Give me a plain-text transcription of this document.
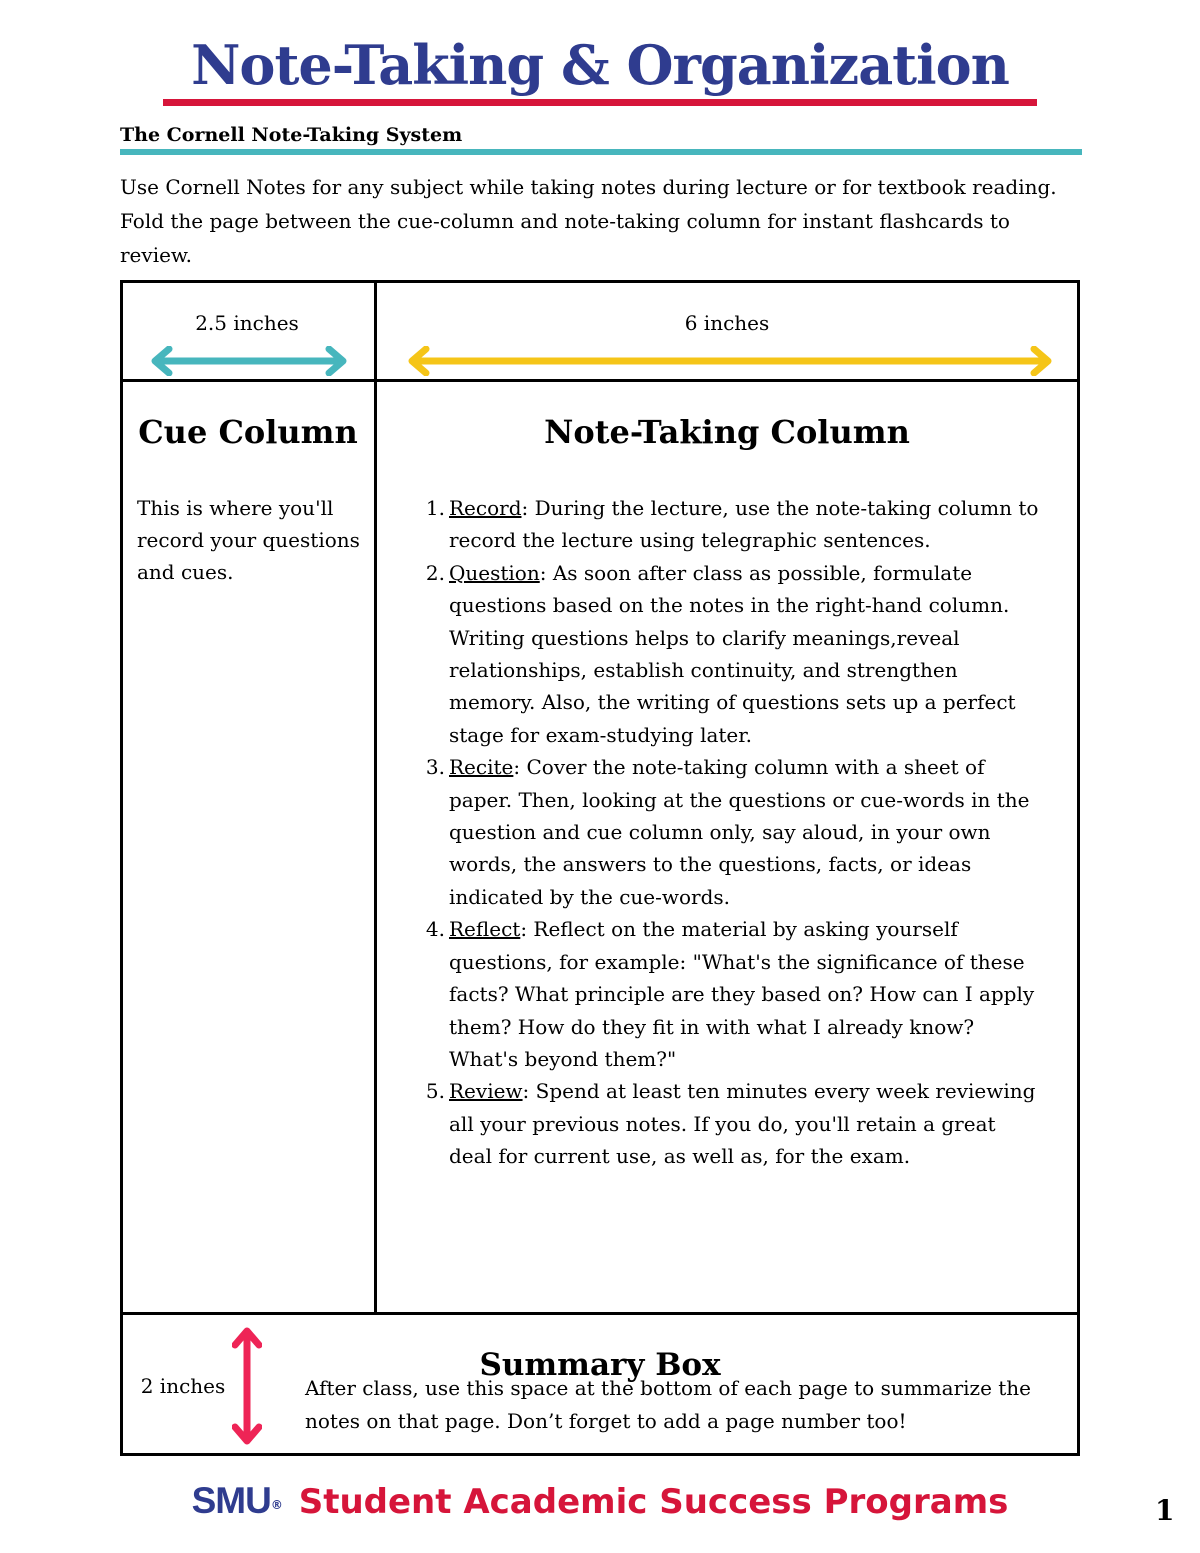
Note-Taking & Organization
The Cornell Note-Taking System
Use Cornell Notes for any subject while taking notes during lecture or for textbook reading. Fold the page between the cue-column and note-taking column for instant flashcards to review.
2.5 inches	6 inches
Cue Column	Note-Taking Column
This is where you'll record your questions and cues.
1. Record: During the lecture, use the note-taking column to record the lecture using telegraphic sentences.
2. Question: As soon after class as possible, formulate questions based on the notes in the right-hand column. Writing questions helps to clarify meanings,reveal relationships, establish continuity, and strengthen memory. Also, the writing of questions sets up a perfect stage for exam-studying later.
3. Recite: Cover the note-taking column with a sheet of paper. Then, looking at the questions or cue-words in the question and cue column only, say aloud, in your own words, the answers to the questions, facts, or ideas indicated by the cue-words.
4. Reflect: Reflect on the material by asking yourself questions, for example: "What's the significance of these facts? What principle are they based on? How can I apply them? How do they fit in with what I already know? What's beyond them?"
5. Review: Spend at least ten minutes every week reviewing all your previous notes. If you do, you'll retain a great deal for current use, as well as, for the exam.
2 inches
Summary Box
After class, use this space at the bottom of each page to summarize the notes on that page. Don’t forget to add a page number too!
SMU® Student Academic Success Programs	1
